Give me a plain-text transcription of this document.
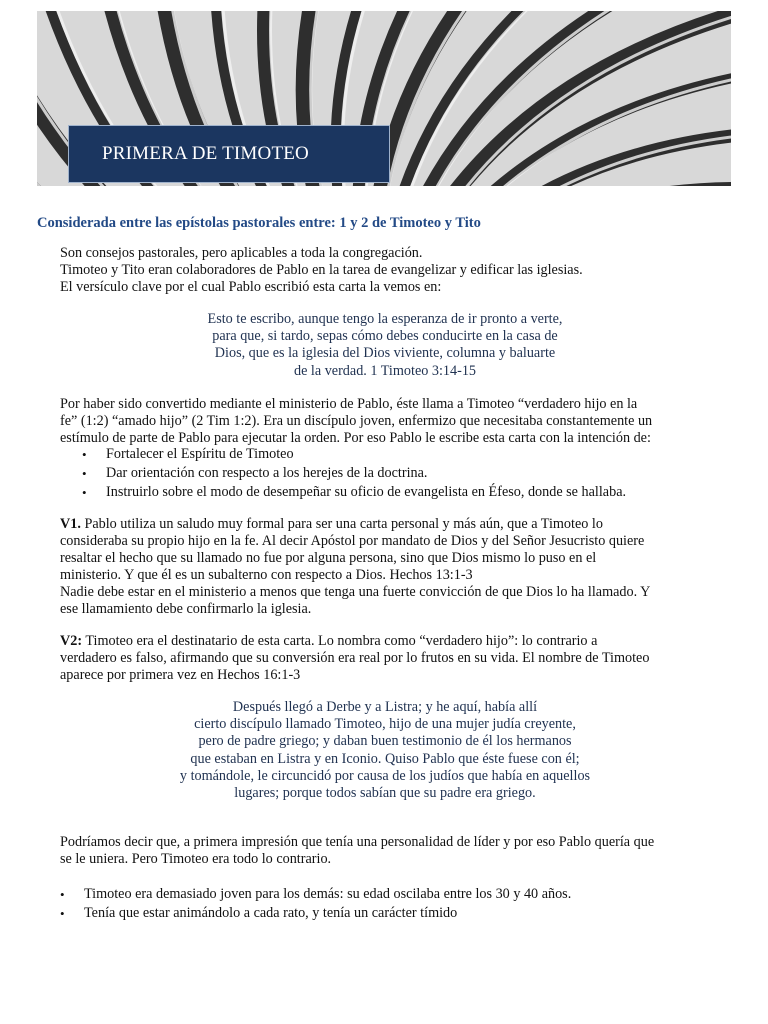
PRIMERA DE TIMOTEO
Considerada entre las epístolas pastorales entre: 1 y 2 de Timoteo y Tito

Son consejos pastorales, pero aplicables a toda la congregación.
Timoteo y Tito eran colaboradores de Pablo en la tarea de evangelizar y edificar las iglesias.
El versículo clave por el cual Pablo escribió esta carta la vemos en:

Esto te escribo, aunque tengo la esperanza de ir pronto a verte,
para que, si tardo, sepas cómo debes conducirte en la casa de
Dios, que es la iglesia del Dios viviente, columna y baluarte
de la verdad. 1 Timoteo 3:14-15

Por haber sido convertido mediante el ministerio de Pablo, éste llama a Timoteo “verdadero hijo en la
fe” (1:2) “amado hijo” (2 Tim 1:2). Era un discípulo joven, enfermizo que necesitaba constantemente un
estímulo de parte de Pablo para ejecutar la orden. Por eso Pablo le escribe esta carta con la intención de:

• Fortalecer el Espíritu de Timoteo
• Dar orientación con respecto a los herejes de la doctrina.
• Instruirlo sobre el modo de desempeñar su oficio de evangelista en Éfeso, donde se hallaba.

V1. Pablo utiliza un saludo muy formal para ser una carta personal y más aún, que a Timoteo lo
consideraba su propio hijo en la fe. Al decir Apóstol por mandato de Dios y del Señor Jesucristo quiere
resaltar el hecho que su llamado no fue por alguna persona, sino que Dios mismo lo puso en el
ministerio. Y que él es un subalterno con respecto a Dios. Hechos 13:1-3
Nadie debe estar en el ministerio a menos que tenga una fuerte convicción de que Dios lo ha llamado. Y
ese llamamiento debe confirmarlo la iglesia.

V2: Timoteo era el destinatario de esta carta. Lo nombra como “verdadero hijo”: lo contrario a
verdadero es falso, afirmando que su conversión era real por lo frutos en su vida. El nombre de Timoteo
aparece por primera vez en Hechos 16:1-3

Después llegó a Derbe y a Listra; y he aquí, había allí
cierto discípulo llamado Timoteo, hijo de una mujer judía creyente,
pero de padre griego; y daban buen testimonio de él los hermanos
que estaban en Listra y en Iconio. Quiso Pablo que éste fuese con él;
y tomándole, le circuncidó por causa de los judíos que había en aquellos
lugares; porque todos sabían que su padre era griego.

Podríamos decir que, a primera impresión que tenía una personalidad de líder y por eso Pablo quería que
se le uniera. Pero Timoteo era todo lo contrario.

• Timoteo era demasiado joven para los demás: su edad oscilaba entre los 30 y 40 años.
• Tenía que estar animándolo a cada rato, y tenía un carácter tímido
